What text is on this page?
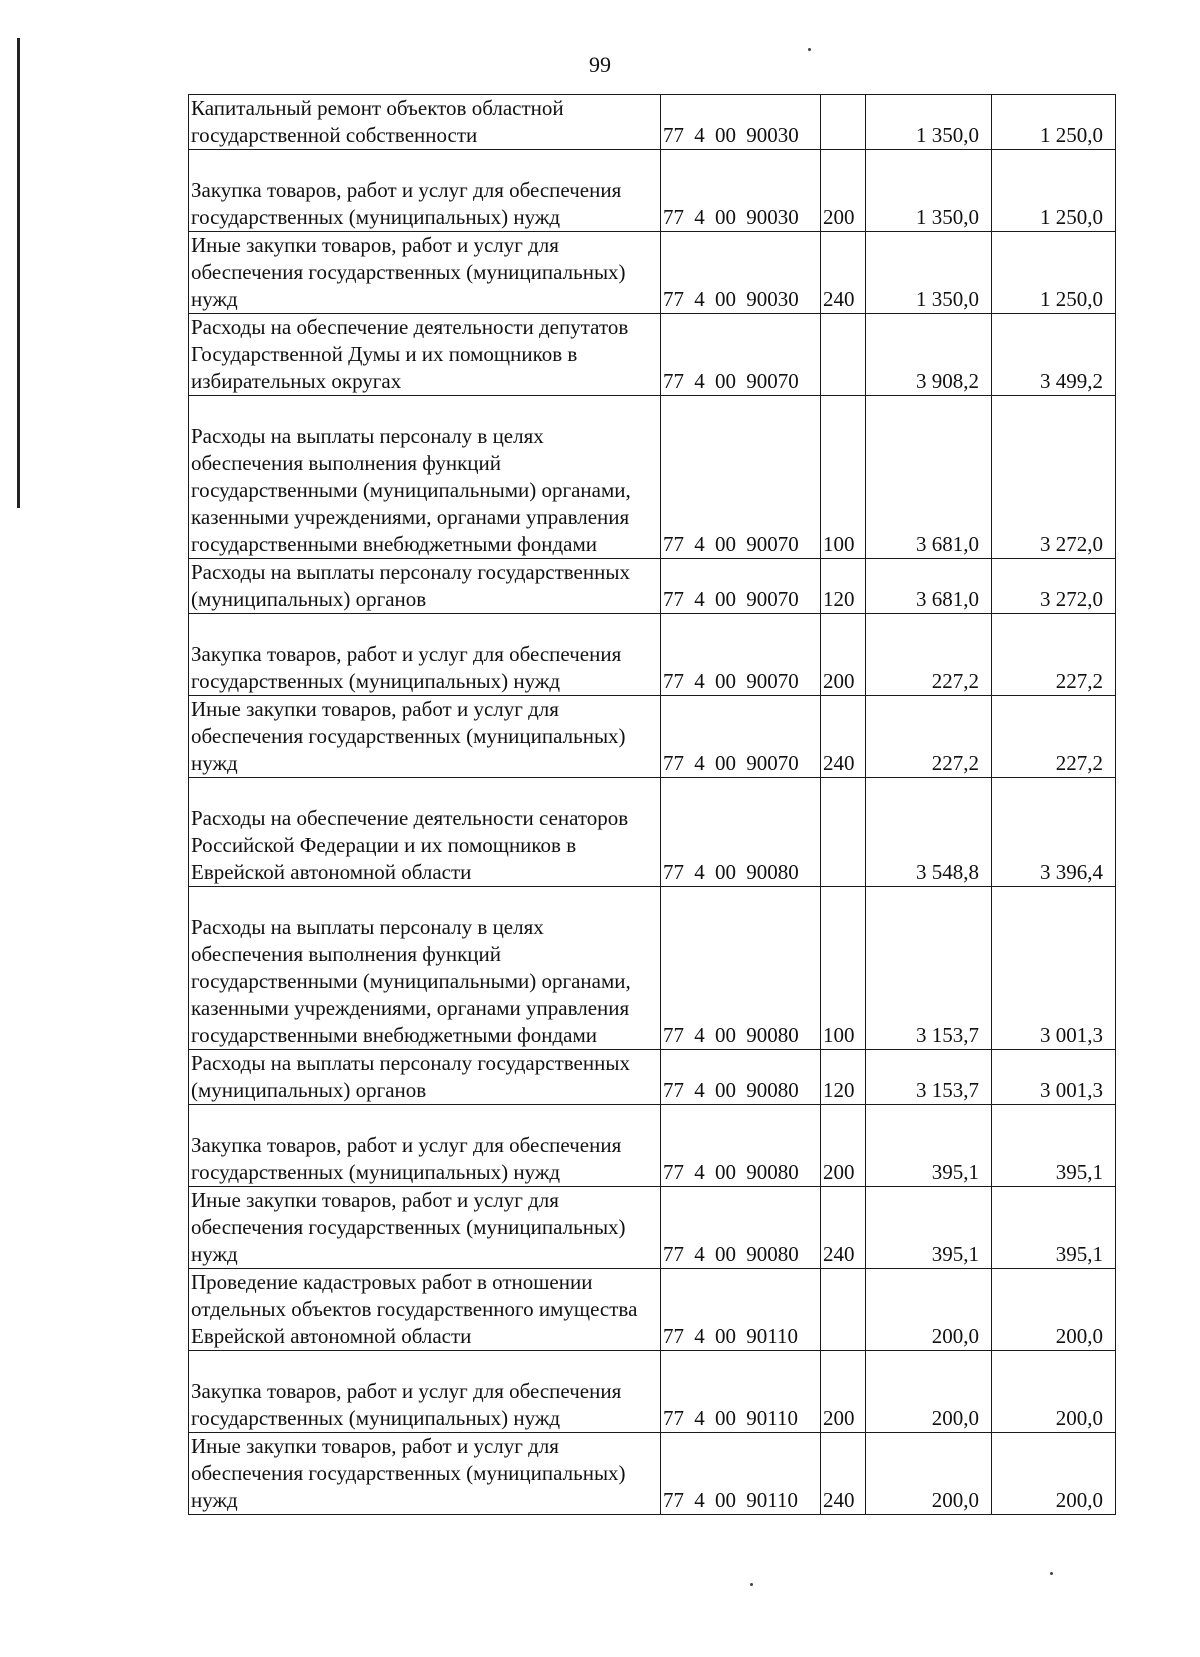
99
Капитальный ремонт объектов областной государственной собственности	77 4 00 90030		1 350,0	1 250,0
Закупка товаров, работ и услуг для обеспечения государственных (муниципальных) нужд	77 4 00 90030	200	1 350,0	1 250,0
Иные закупки товаров, работ и услуг для обеспечения государственных (муниципальных) нужд	77 4 00 90030	240	1 350,0	1 250,0
Расходы на обеспечение деятельности депутатов Государственной Думы и их помощников в избирательных округах	77 4 00 90070		3 908,2	3 499,2
Расходы на выплаты персоналу в целях обеспечения выполнения функций государственными (муниципальными) органами, казенными учреждениями, органами управления государственными внебюджетными фондами	77 4 00 90070	100	3 681,0	3 272,0
Расходы на выплаты персоналу государственных (муниципальных) органов	77 4 00 90070	120	3 681,0	3 272,0
Закупка товаров, работ и услуг для обеспечения государственных (муниципальных) нужд	77 4 00 90070	200	227,2	227,2
Иные закупки товаров, работ и услуг для обеспечения государственных (муниципальных) нужд	77 4 00 90070	240	227,2	227,2
Расходы на обеспечение деятельности сенаторов Российской Федерации и их помощников в Еврейской автономной области	77 4 00 90080		3 548,8	3 396,4
Расходы на выплаты персоналу в целях обеспечения выполнения функций государственными (муниципальными) органами, казенными учреждениями, органами управления государственными внебюджетными фондами	77 4 00 90080	100	3 153,7	3 001,3
Расходы на выплаты персоналу государственных (муниципальных) органов	77 4 00 90080	120	3 153,7	3 001,3
Закупка товаров, работ и услуг для обеспечения государственных (муниципальных) нужд	77 4 00 90080	200	395,1	395,1
Иные закупки товаров, работ и услуг для обеспечения государственных (муниципальных) нужд	77 4 00 90080	240	395,1	395,1
Проведение кадастровых работ в отношении отдельных объектов государственного имущества Еврейской автономной области	77 4 00 90110		200,0	200,0
Закупка товаров, работ и услуг для обеспечения государственных (муниципальных) нужд	77 4 00 90110	200	200,0	200,0
Иные закупки товаров, работ и услуг для обеспечения государственных (муниципальных) нужд	77 4 00 90110	240	200,0	200,0
